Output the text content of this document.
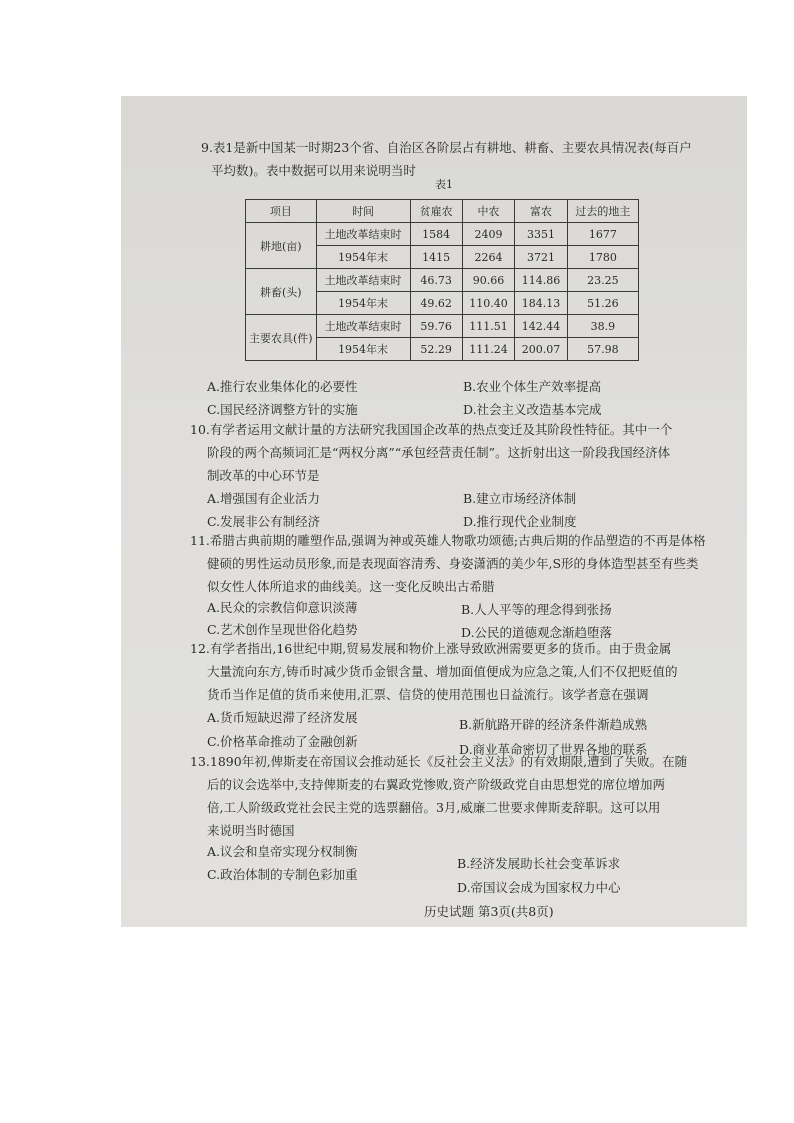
9.表1是新中国某一时期23个省、自治区各阶层占有耕地、耕畜、主要农具情况表(每百户
平均数)。表中数据可以用来说明当时
表1
项目	时间	贫雇农	中农	富农	过去的地主
耕地(亩)	土地改革结束时	1584	2409	3351	1677
	1954年末	1415	2264	3721	1780
耕畜(头)	土地改革结束时	46.73	90.66	114.86	23.25
	1954年末	49.62	110.40	184.13	51.26
主要农具(件)	土地改革结束时	59.76	111.51	142.44	38.9
	1954年末	52.29	111.24	200.07	57.98
A.推行农业集体化的必要性	B.农业个体生产效率提高
C.国民经济调整方针的实施	D.社会主义改造基本完成
10.有学者运用文献计量的方法研究我国国企改革的热点变迁及其阶段性特征。其中一个
阶段的两个高频词汇是“两权分离”“承包经营责任制”。这折射出这一阶段我国经济体
制改革的中心环节是
A.增强国有企业活力	B.建立市场经济体制
C.发展非公有制经济	D.推行现代企业制度
11.希腊古典前期的雕塑作品,强调为神或英雄人物歌功颂德;古典后期的作品塑造的不再是体格
健硕的男性运动员形象,而是表现面容清秀、身姿潇洒的美少年,S形的身体造型甚至有些类
似女性人体所追求的曲线美。这一变化反映出古希腊
A.民众的宗教信仰意识淡薄	B.人人平等的理念得到张扬
C.艺术创作呈现世俗化趋势	D.公民的道德观念渐趋堕落
12.有学者指出,16世纪中期,贸易发展和物价上涨导致欧洲需要更多的货币。由于贵金属
大量流向东方,铸币时减少货币金银含量、增加面值便成为应急之策,人们不仅把贬值的
货币当作足值的货币来使用,汇票、信贷的使用范围也日益流行。该学者意在强调
A.货币短缺迟滞了经济发展	B.新航路开辟的经济条件渐趋成熟
C.价格革命推动了金融创新
D.商业革命密切了世界各地的联系
13.1890年初,俾斯麦在帝国议会推动延长《反社会主义法》的有效期限,遭到了失败。在随
后的议会选举中,支持俾斯麦的右翼政党惨败,资产阶级政党自由思想党的席位增加两
倍,工人阶级政党社会民主党的选票翻倍。3月,威廉二世要求俾斯麦辞职。这可以用
来说明当时德国
A.议会和皇帝实现分权制衡
B.经济发展助长社会变革诉求
C.政治体制的专制色彩加重
D.帝国议会成为国家权力中心
历史试题 第3页(共8页)
